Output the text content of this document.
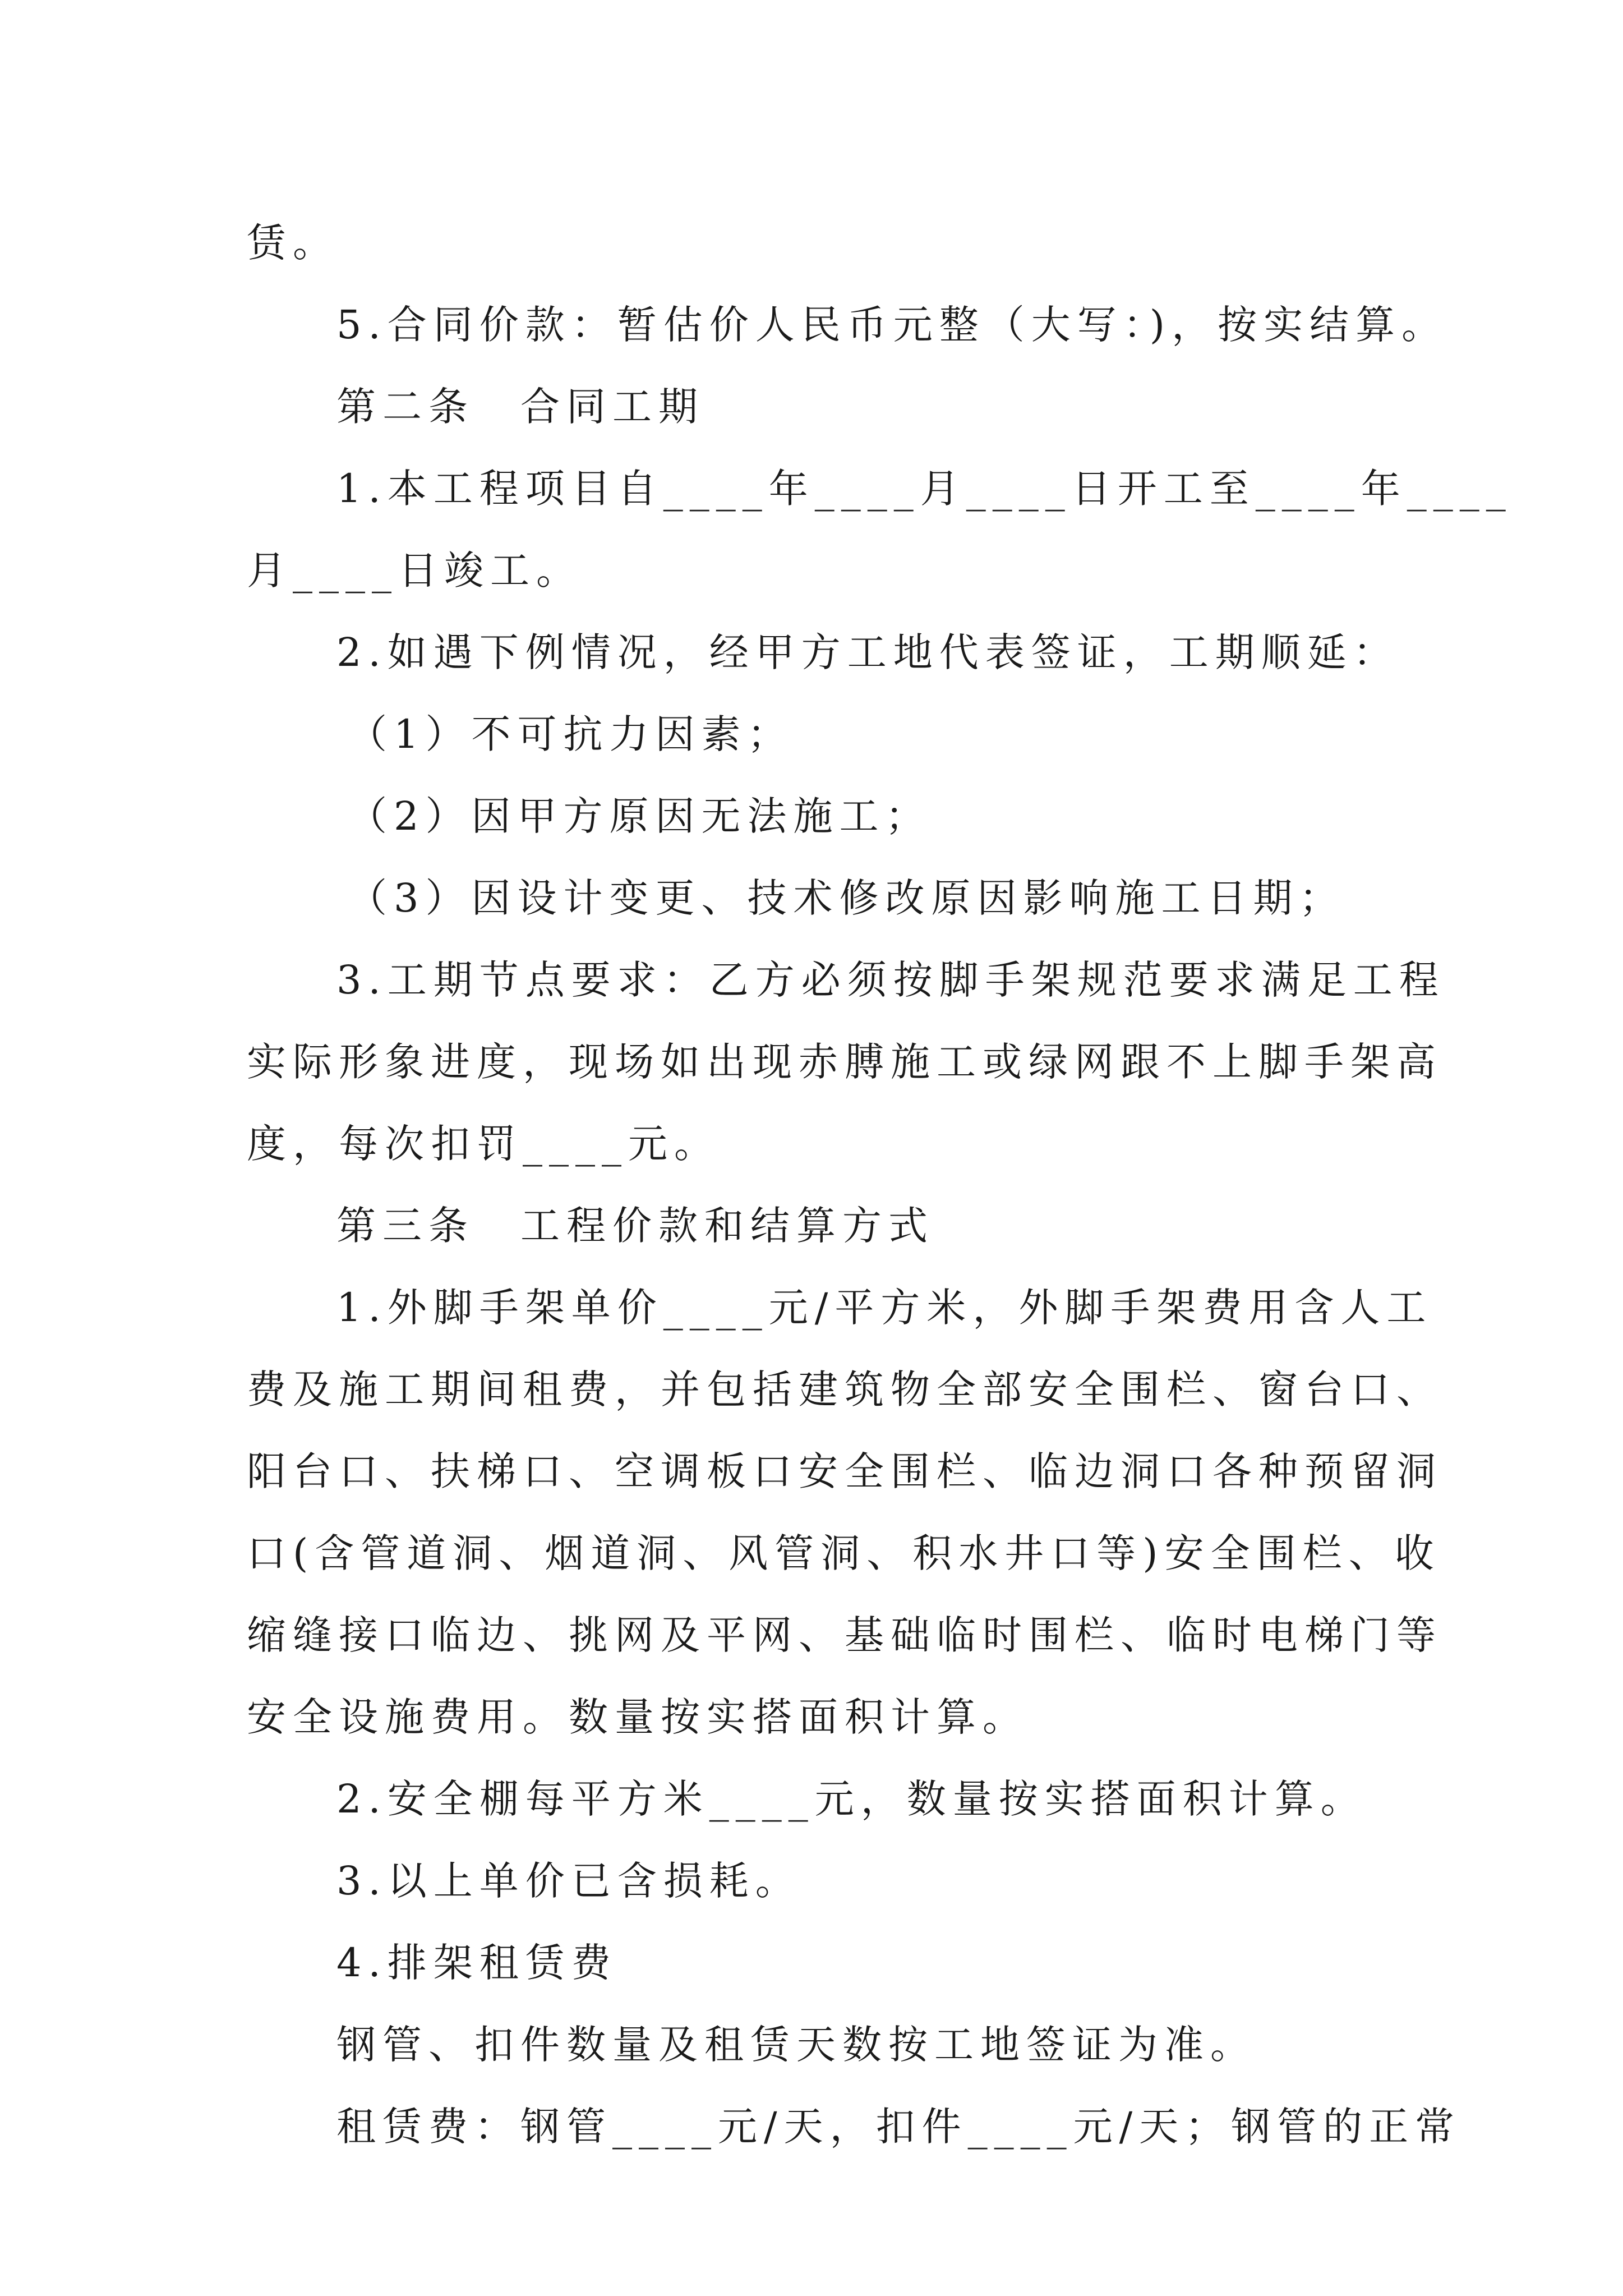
赁。
5.合同价款：暂估价人民币元整（大写：)，按实结算。
第二条　合同工期
1.本工程项目自____年____月____日开工至____年____
月____日竣工。
2.如遇下例情况，经甲方工地代表签证，工期顺延：
（1）不可抗力因素；
（2）因甲方原因无法施工；
（3）因设计变更、技术修改原因影响施工日期；
3.工期节点要求：乙方必须按脚手架规范要求满足工程
实际形象进度，现场如出现赤膊施工或绿网跟不上脚手架高
度，每次扣罚____元。
第三条　工程价款和结算方式
1.外脚手架单价____元/平方米，外脚手架费用含人工
费及施工期间租费，并包括建筑物全部安全围栏、窗台口、
阳台口、扶梯口、空调板口安全围栏、临边洞口各种预留洞
口(含管道洞、烟道洞、风管洞、积水井口等)安全围栏、收
缩缝接口临边、挑网及平网、基础临时围栏、临时电梯门等
安全设施费用。数量按实搭面积计算。
2.安全棚每平方米____元，数量按实搭面积计算。
3.以上单价已含损耗。
4.排架租赁费
钢管、扣件数量及租赁天数按工地签证为准。
租赁费：钢管____元/天，扣件____元/天；钢管的正常
